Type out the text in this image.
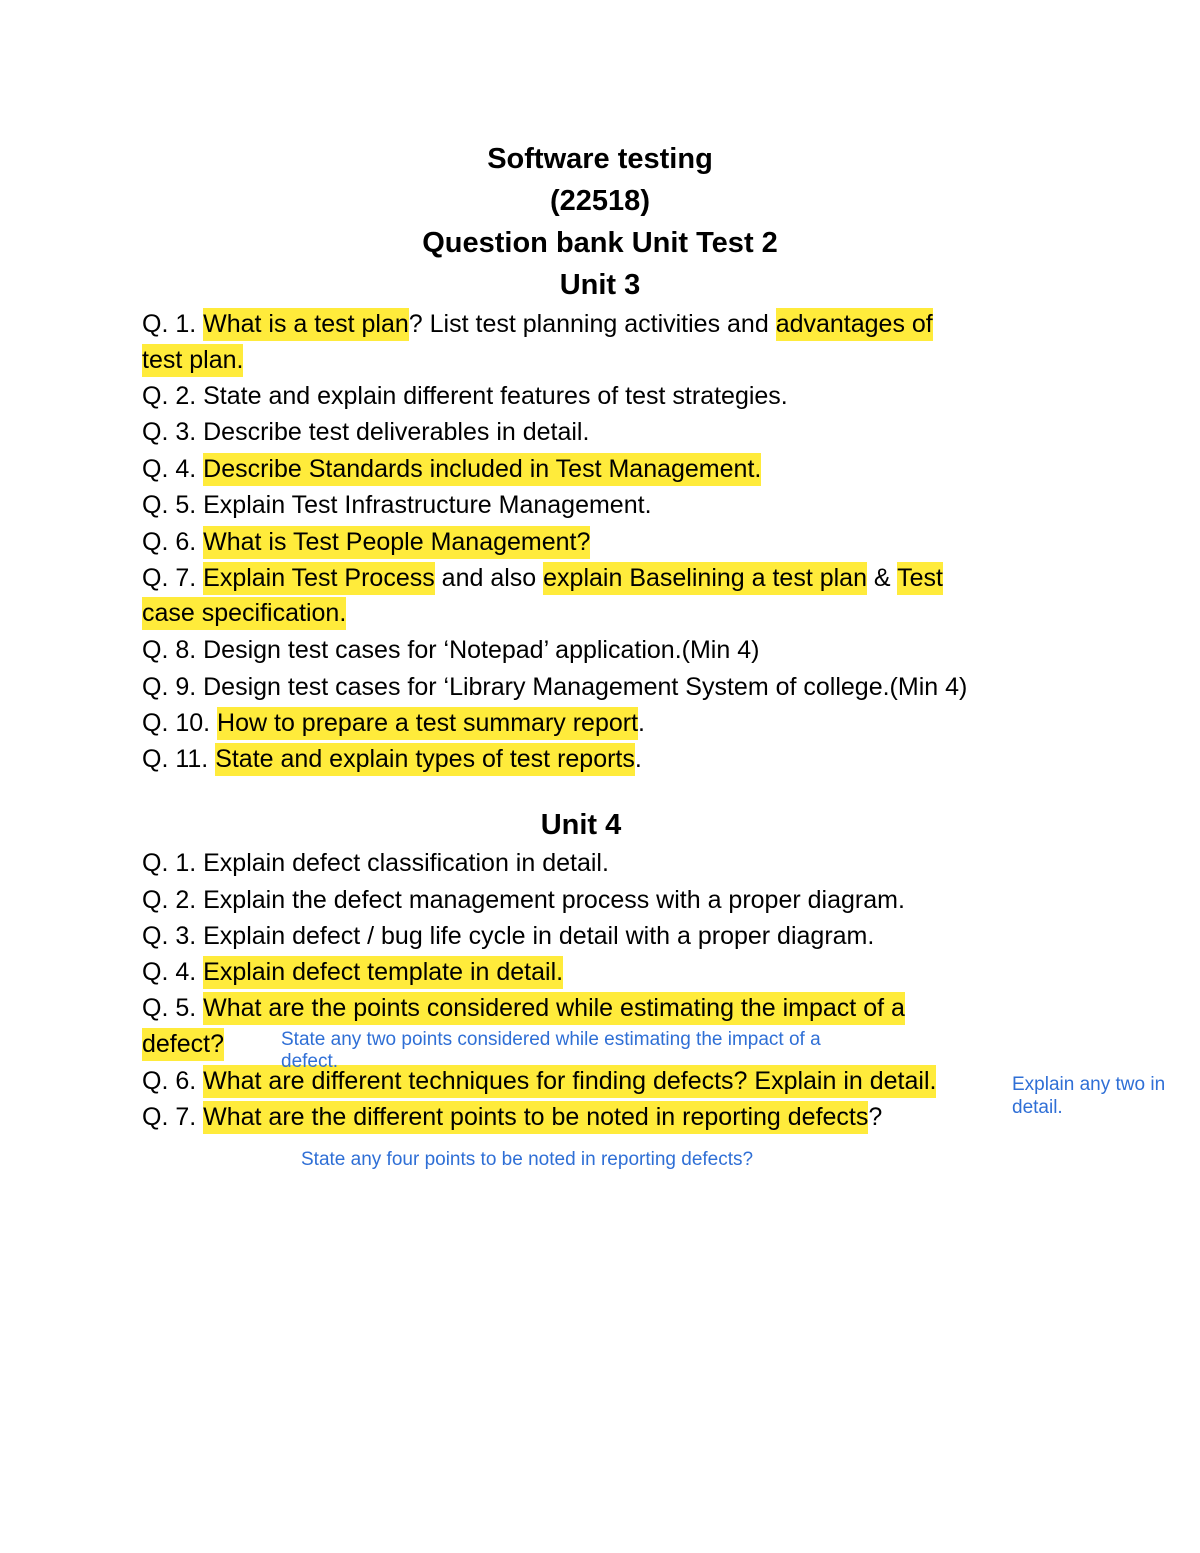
Software testing
(22518)
Question bank Unit Test 2
Unit 3
Q. 1. What is a test plan? List test planning activities and advantages of
test plan.
Q. 2. State and explain different features of test strategies.
Q. 3. Describe test deliverables in detail.
Q. 4. Describe Standards included in Test Management.
Q. 5. Explain Test Infrastructure Management.
Q. 6. What is Test People Management?
Q. 7. Explain Test Process and also explain Baselining a test plan & Test
case specification.
Q. 8. Design test cases for ‘Notepad’ application.(Min 4)
Q. 9. Design test cases for ‘Library Management System of college.(Min 4)
Q. 10. How to prepare a test summary report.
Q. 11. State and explain types of test reports.
Unit 4
Q. 1. Explain defect classification in detail.
Q. 2. Explain the defect management process with a proper diagram.
Q. 3. Explain defect / bug life cycle in detail with a proper diagram.
Q. 4. Explain defect template in detail.
Q. 5. What are the points considered while estimating the impact of a
defect?
Q. 6. What are different techniques for finding defects? Explain in detail.
Q. 7. What are the different points to be noted in reporting defects?
State any two points considered while estimating the impact of a
defect.
Explain any two in
detail.
State any four points to be noted in reporting defects?
